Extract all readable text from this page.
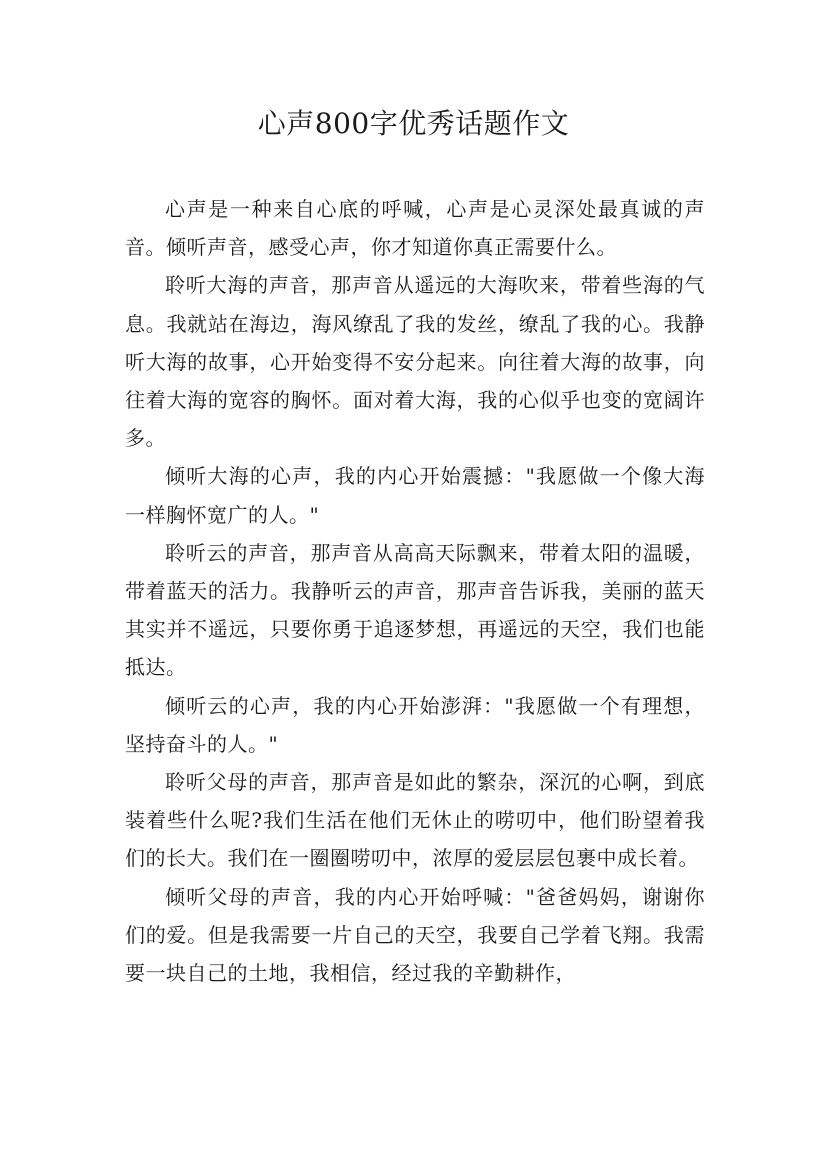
心声800字优秀话题作文

心声是一种来自心底的呼喊，心声是心灵深处最真诚的声音。倾听声音，感受心声，你才知道你真正需要什么。

聆听大海的声音，那声音从遥远的大海吹来，带着些海的气息。我就站在海边，海风缭乱了我的发丝，缭乱了我的心。我静听大海的故事，心开始变得不安分起来。向往着大海的故事，向往着大海的宽容的胸怀。面对着大海，我的心似乎也变的宽阔许多。

倾听大海的心声，我的内心开始震撼："我愿做一个像大海一样胸怀宽广的人。"

聆听云的声音，那声音从高高天际飘来，带着太阳的温暖，带着蓝天的活力。我静听云的声音，那声音告诉我，美丽的蓝天其实并不遥远，只要你勇于追逐梦想，再遥远的天空，我们也能抵达。

倾听云的心声，我的内心开始澎湃："我愿做一个有理想，坚持奋斗的人。"

聆听父母的声音，那声音是如此的繁杂，深沉的心啊，到底装着些什么呢?我们生活在他们无休止的唠叨中，他们盼望着我们的长大。我们在一圈圈唠叨中，浓厚的爱层层包裹中成长着。

倾听父母的声音，我的内心开始呼喊："爸爸妈妈，谢谢你们的爱。但是我需要一片自己的天空，我要自己学着飞翔。我需要一块自己的土地，我相信，经过我的辛勤耕作，
